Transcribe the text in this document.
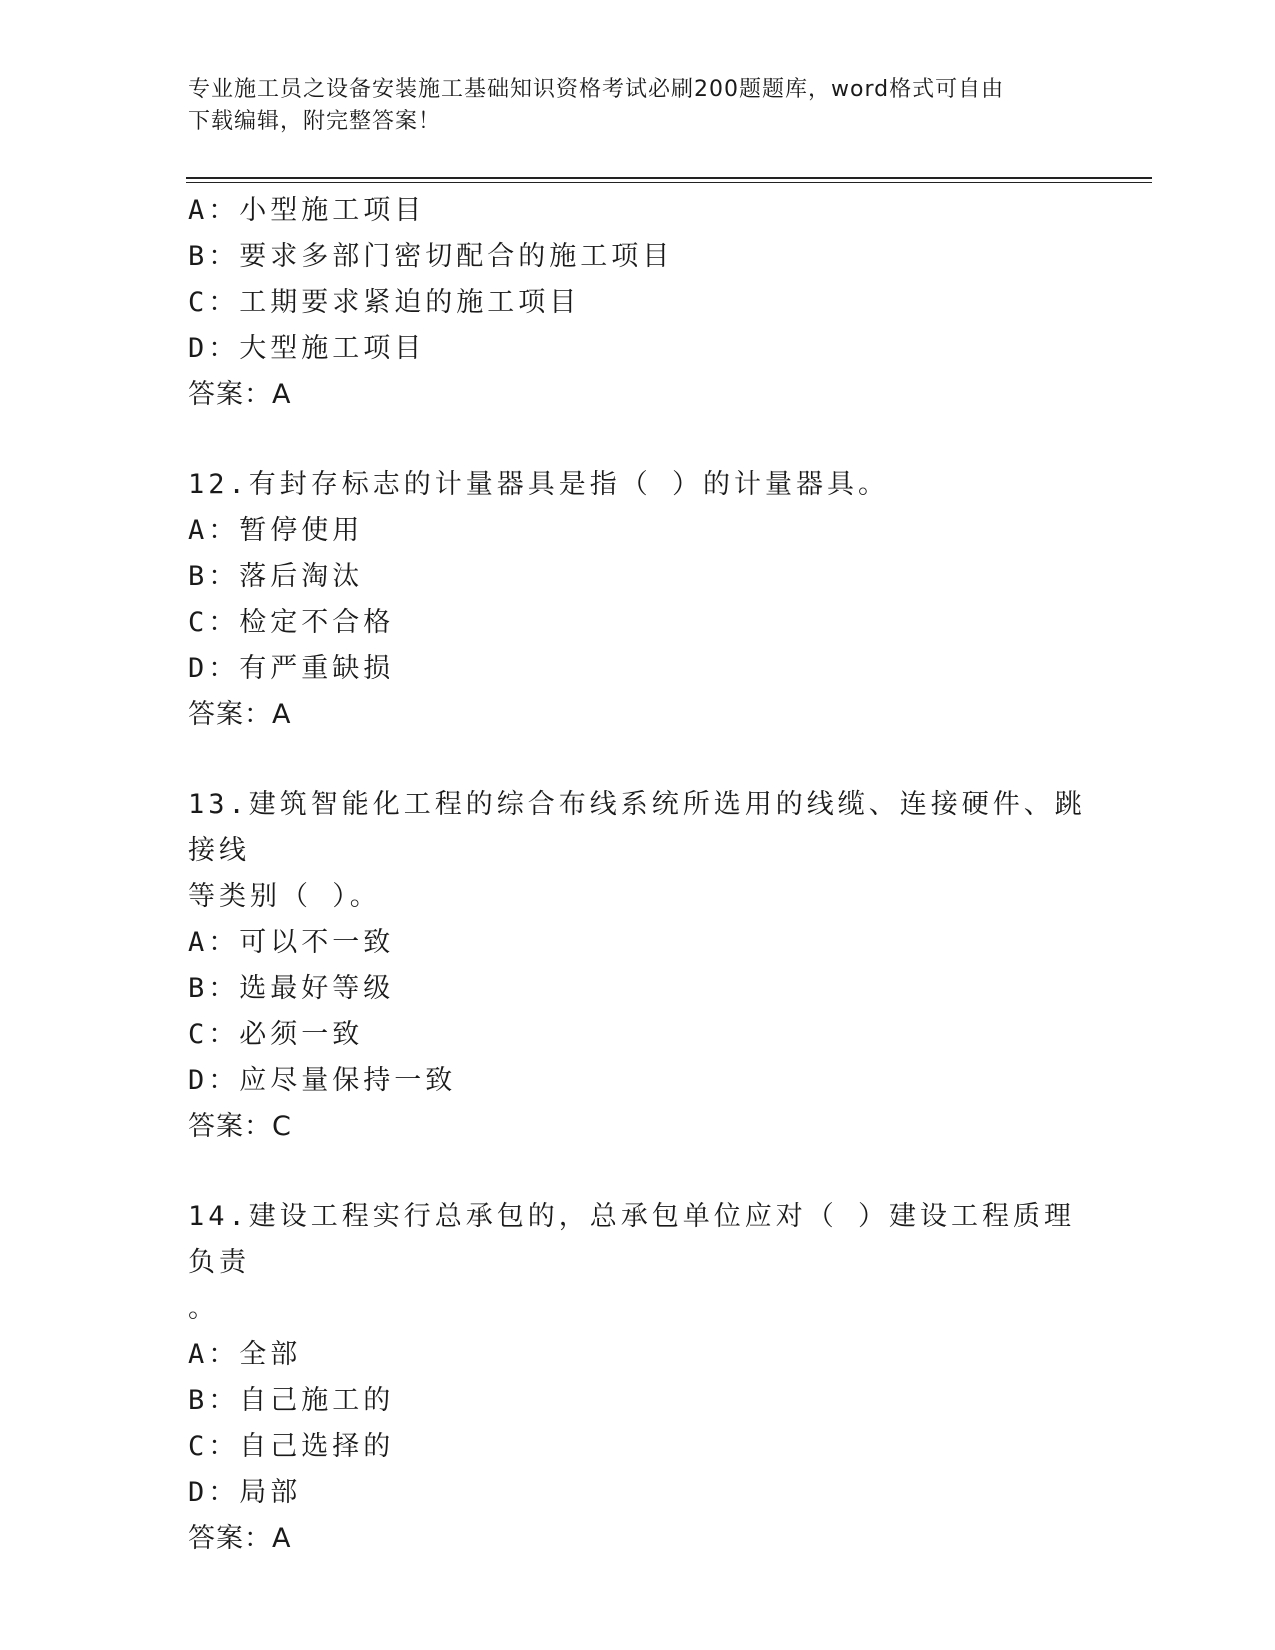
专业施工员之设备安装施工基础知识资格考试必刷200题题库，word格式可自由
下载编辑，附完整答案！
A：小型施工项目
B：要求多部门密切配合的施工项目
C：工期要求紧迫的施工项目
D：大型施工项目
答案：A
12.有封存标志的计量器具是指（ ）的计量器具。
A：暂停使用
B：落后淘汰
C：检定不合格
D：有严重缺损
答案：A
13.建筑智能化工程的综合布线系统所选用的线缆、连接硬件、跳接线
等类别（ ）。
A：可以不一致
B：选最好等级
C：必须一致
D：应尽量保持一致
答案：C
14.建设工程实行总承包的，总承包单位应对（ ）建设工程质理负责
。
A：全部
B：自己施工的
C：自己选择的
D：局部
答案：A
